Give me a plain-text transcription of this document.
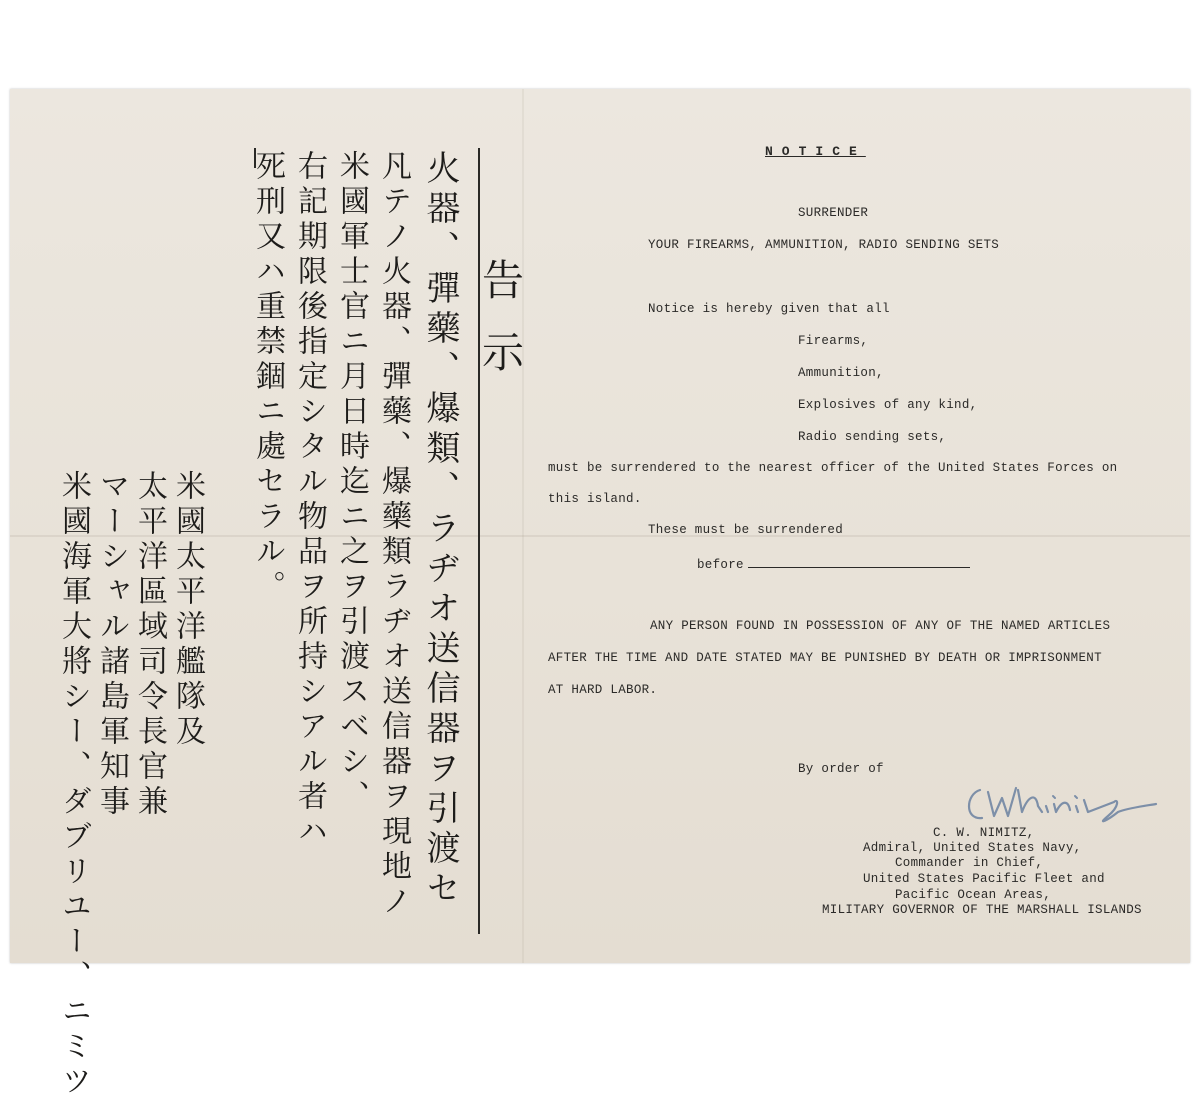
NOTICE
SURRENDER
YOUR FIREARMS, AMMUNITION, RADIO SENDING SETS
Notice is hereby given that all
Firearms,
Ammunition,
Explosives of any kind,
Radio sending sets,
must be surrendered to the nearest officer of the United States Forces on
this island.
These must be surrendered
before
ANY PERSON FOUND IN POSSESSION OF ANY OF THE NAMED ARTICLES
AFTER THE TIME AND DATE STATED MAY BE PUNISHED BY DEATH OR IMPRISONMENT
AT HARD LABOR.
By order of
C. W. NIMITZ,
Admiral, United States Navy,
Commander in Chief,
United States Pacific Fleet and
Pacific Ocean Areas,
MILITARY GOVERNOR OF THE MARSHALL ISLANDS
告示
火器、彈藥、爆類、ラヂオ送信器ヲ引渡セ
凡テノ火器、彈藥、爆藥類ラヂオ送信器ヲ現地ノ
米國軍士官ニ月日時迄ニ之ヲ引渡スベシ、
右記期限後指定シタル物品ヲ所持シアル者ハ
死刑又ハ重禁錮ニ處セラル。
米國太平洋艦隊及
太平洋區域司令長官兼
マーシャル諸島軍知事
米國海軍大將シー、ダブリユー、ニミツ
